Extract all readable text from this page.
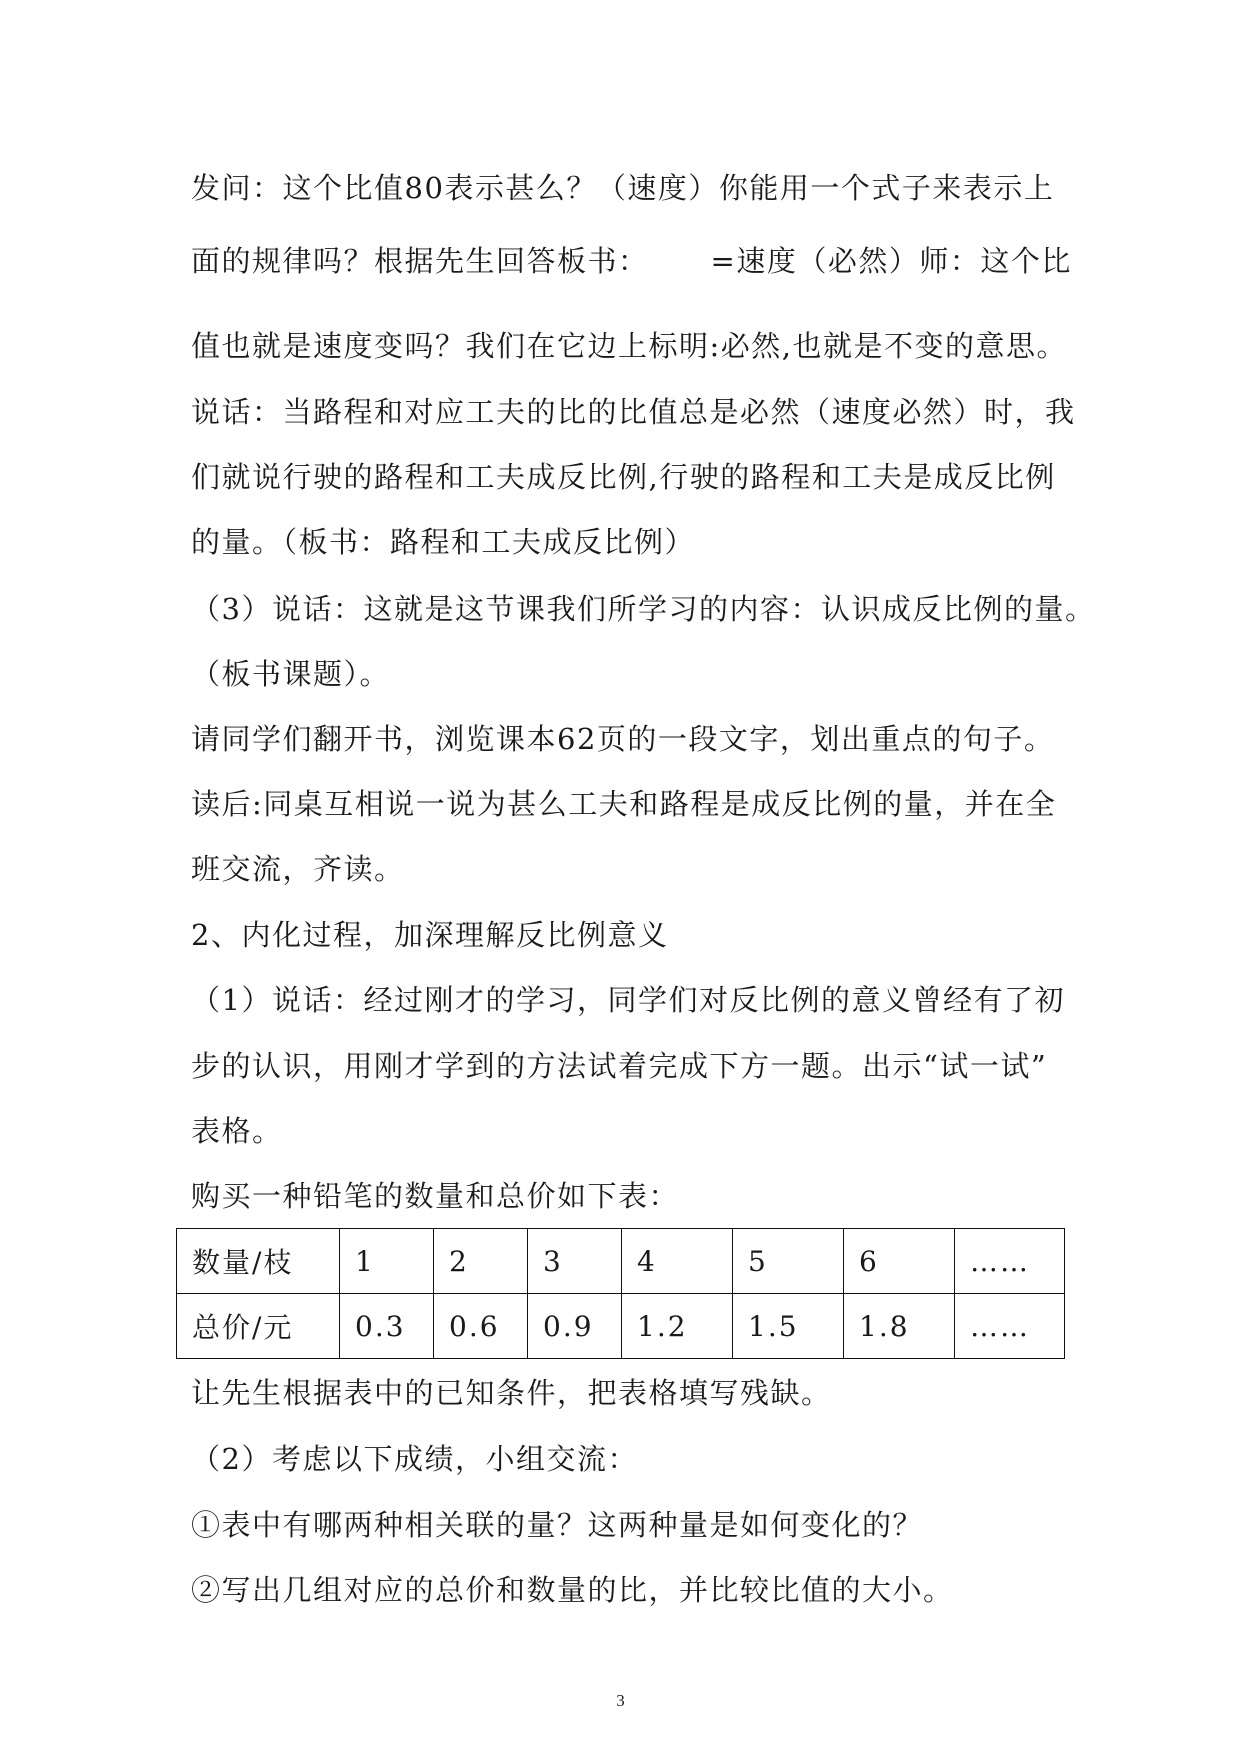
发问：这个比值80表示甚么？（速度）你能用一个式子来表示上
面的规律吗？根据先生回答板书： =速度（必然）师：这个比
值也就是速度变吗？我们在它边上标明:必然,也就是不变的意思。
说话：当路程和对应工夫的比的比值总是必然（速度必然）时，我
们就说行驶的路程和工夫成反比例,行驶的路程和工夫是成反比例
的量。（板书：路程和工夫成反比例）
（3）说话：这就是这节课我们所学习的内容：认识成反比例的量。
（板书课题）。
请同学们翻开书，浏览课本62页的一段文字，划出重点的句子。
读后:同桌互相说一说为甚么工夫和路程是成反比例的量，并在全
班交流，齐读。
2、内化过程，加深理解反比例意义
（1）说话：经过刚才的学习，同学们对反比例的意义曾经有了初
步的认识，用刚才学到的方法试着完成下方一题。出示“试一试”
表格。
购买一种铅笔的数量和总价如下表：
数量/枝	1	2	3	4	5	6	……
总价/元	0.3	0.6	0.9	1.2	1.5	1.8	……
让先生根据表中的已知条件，把表格填写残缺。
（2）考虑以下成绩，小组交流：
①表中有哪两种相关联的量？这两种量是如何变化的？
②写出几组对应的总价和数量的比，并比较比值的大小。
3
